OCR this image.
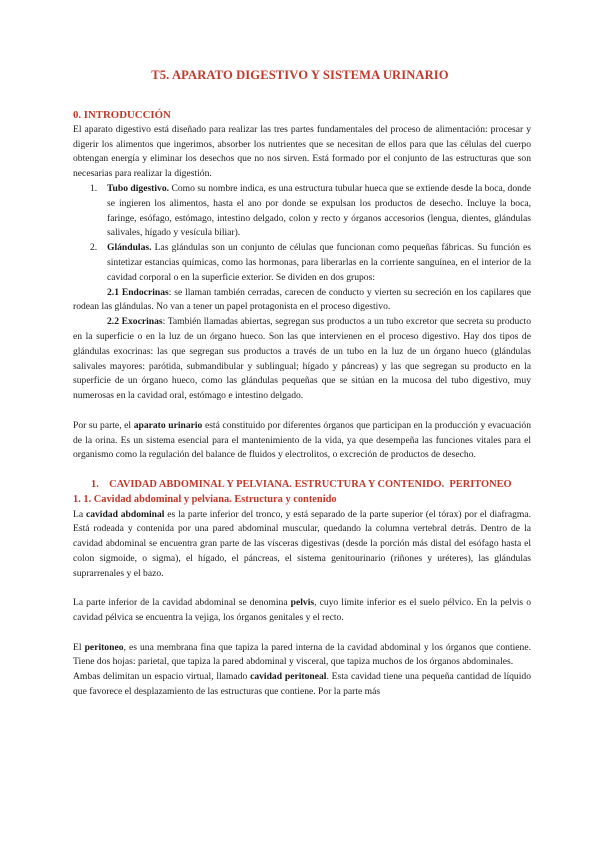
T5. APARATO DIGESTIVO Y SISTEMA URINARIO
0. INTRODUCCIÓN

El aparato digestivo está diseñado para realizar las tres partes fundamentales del proceso de alimentación: procesar y digerir los alimentos que ingerimos, absorber los nutrientes que se necesitan de ellos para que las células del cuerpo obtengan energía y eliminar los desechos que no nos sirven. Está formado por el conjunto de las estructuras que son necesarias para realizar la digestión.

1. Tubo digestivo. Como su nombre indica, es una estructura tubular hueca que se extiende desde la boca, donde se ingieren los alimentos, hasta el ano por donde se expulsan los productos de desecho. Incluye la boca, faringe, esófago, estómago, intestino delgado, colon y recto y órganos accesorios (lengua, dientes, glándulas salivales, hígado y vesícula biliar).

2. Glándulas. Las glándulas son un conjunto de células que funcionan como pequeñas fábricas. Su función es sintetizar estancias químicas, como las hormonas, para liberarlas en la corriente sanguínea, en el interior de la cavidad corporal o en la superficie exterior. Se dividen en dos grupos:

2.1 Endocrinas: se llaman también cerradas, carecen de conducto y vierten su secreción en los capilares que rodean las glándulas. No van a tener un papel protagonista en el proceso digestivo.

2.2 Exocrinas: También llamadas abiertas, segregan sus productos a un tubo excretor que secreta su producto en la superficie o en la luz de un órgano hueco. Son las que intervienen en el proceso digestivo. Hay dos tipos de glándulas exocrinas: las que segregan sus productos a través de un tubo en la luz de un órgano hueco (glándulas salivales mayores: parótida, submandibular y sublingual; hígado y páncreas) y las que segregan su producto en la superficie de un órgano hueco, como las glándulas pequeñas que se sitúan en la mucosa del tubo digestivo, muy numerosas en la cavidad oral, estómago e intestino delgado.

Por su parte, el aparato urinario está constituido por diferentes órganos que participan en la producción y evacuación de la orina. Es un sistema esencial para el mantenimiento de la vida, ya que desempeña las funciones vitales para el organismo como la regulación del balance de fluidos y electrolitos, o excreción de productos de desecho.

1.    CAVIDAD ABDOMINAL Y PELVIANA. ESTRUCTURA Y CONTENIDO.  PERITONEO
1. 1. Cavidad abdominal y pelviana. Estructura y contenido

La cavidad abdominal es la parte inferior del tronco, y está separado de la parte superior (el tórax) por el diafragma. Está rodeada y contenida por una pared abdominal muscular, quedando la columna vertebral detrás. Dentro de la cavidad abdominal se encuentra gran parte de las vísceras digestivas (desde la porción más distal del esófago hasta el colon sigmoide, o sigma), el hígado, el páncreas, el sistema genitourinario (riñones y uréteres), las glándulas suprarrenales y el bazo.

La parte inferior de la cavidad abdominal se denomina pelvis, cuyo límite inferior es el suelo pélvico. En la pelvis o cavidad pélvica se encuentra la vejiga, los órganos genitales y el recto.

El peritoneo, es una membrana fina que tapiza la pared interna de la cavidad abdominal y los órganos que contiene. Tiene dos hojas: parietal, que tapiza la pared abdominal y visceral, que tapiza muchos de los órganos abdominales.

Ambas delimitan un espacio virtual, llamado cavidad peritoneal. Esta cavidad tiene una pequeña cantidad de líquido que favorece el desplazamiento de las estructuras que contiene. Por la parte más
